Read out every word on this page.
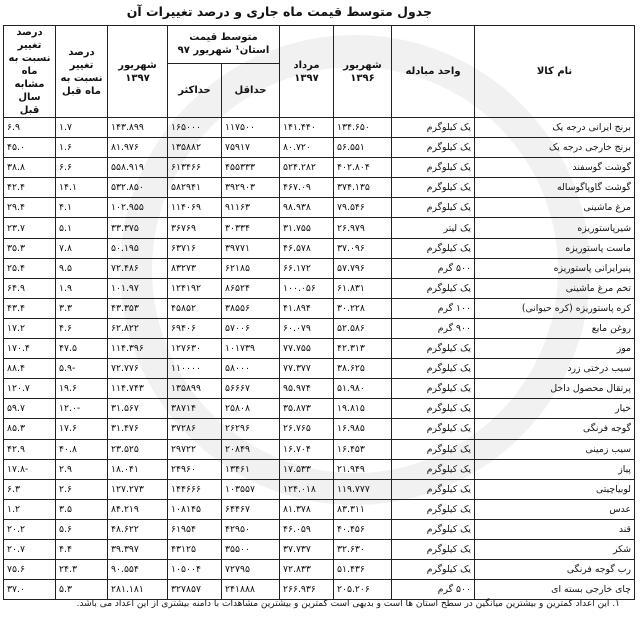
جدول متوسط قیمت ماه جاری و درصد تغییرات آن
نام کالا	واحد مبادله	شهریور ۱۳۹۶	مرداد ۱۳۹۷	متوسط قیمت استان¹ شهریور ۹۷		شهریور ۱۳۹۷	درصد تغییر نسبت به ماه قبل	درصد تغییر نسبت به ماه مشابه سال قبل
				حداقل	حداکثر			
برنج ایرانی درجه یک	یک کیلوگرم	۱۳۴.۶۵۰	۱۴۱.۴۴۰	۱۱۷۵۰۰	۱۶۵۰۰۰	۱۴۳.۸۹۹	۱.۷	۶.۹
برنج خارجی درجه یک	یک کیلوگرم	۵۶.۵۵۱	۸۰.۷۲۰	۷۵۹۱۷	۱۳۵۸۸۲	۸۱.۹۷۶	۱.۶	۴۵.۰
گوشت گوسفند	یک کیلوگرم	۴۰۲.۸۰۴	۵۲۴.۲۸۲	۴۵۵۳۳۳	۶۱۳۴۶۶	۵۵۸.۹۱۹	۶.۶	۳۸.۸
گوشت گاوپاگوساله	یک کیلوگرم	۳۷۴.۱۳۵	۴۶۷.۰۹	۳۹۲۹۰۳	۵۸۲۹۴۱	۵۳۲.۸۵۰	۱۴.۱	۴۲.۴
مرغ ماشینی	یک کیلوگرم	۷۹.۵۴۶	۹۸.۹۳۸	۹۱۱۶۳	۱۱۴۰۶۹	۱۰۲.۹۵۵	۴.۱	۲۹.۴
شیرپاستوریزه	یک لیتر	۲۶.۹۷۹	۳۱.۷۵۵	۳۰۳۳۴	۳۶۷۶۹	۳۳.۳۷۵	۵.۱	۲۳.۷
ماست پاستوریزه	یک کیلوگرم	۳۷.۰۹۶	۴۶.۵۷۸	۳۹۷۷۱	۶۳۷۱۶	۵۰.۱۹۵	۷.۸	۳۵.۳
پنیرایرانی پاستوریزه	۵۰۰ گرم	۵۷.۷۹۶	۶۶.۱۷۲	۶۲۱۸۵	۸۳۲۷۳	۷۲.۴۸۶	۹.۵	۲۵.۴
تخم مرغ ماشینی	یک کیلوگرم	۶۱.۸۳۱	۱۰۰.۰۵۶	۸۶۵۲۴	۱۲۴۱۹۲	۱۰۱.۹۷	۱.۹	۶۴.۹
کره پاستوریزه (کره حیوانی)	۱۰۰ گرم	۳۰.۲۲۸	۴۱.۸۹۴	۳۸۵۵۶	۴۵۸۵۲	۴۳.۳۵۳	۳.۳	۴۳.۴
روغن مایع	۹۰۰ گرم	۵۲.۵۸۶	۶۰.۰۷۹	۵۷۰۰۶	۶۹۴۰۶	۶۲.۸۲۲	۴.۶	۱۷.۲
موز	یک کیلوگرم	۴۲.۳۱۳	۷۷.۷۵۵	۱۰۱۷۳۹	۱۲۷۶۳۰	۱۱۴.۳۹۶	۴۷.۵	۱۷۰.۴
سیب درختی زرد	یک کیلوگرم	۳۸.۶۲۵	۷۷.۳۷۷	۵۸۰۰۰	۱۱۰۰۰۰	۷۲.۷۷۶	۵.۹-	۸۸.۴
پرتقال محصول داخل	یک کیلوگرم	۵۱.۹۸۰	۹۵.۹۷۴	۵۶۶۶۷	۱۳۵۸۹۹	۱۱۴.۷۴۳	۱۹.۶	۱۲۰.۷
خیار	یک کیلوگرم	۱۹.۸۱۵	۳۵.۸۷۳	۲۵۸۰۸	۳۸۷۱۴	۳۱.۵۶۷	۱۲.۰-	۵۹.۷
گوجه فرنگی	یک کیلوگرم	۱۶.۹۸۵	۲۶.۷۶۵	۲۶۲۹۶	۳۷۲۸۶	۳۱.۴۷۶	۱۷.۶	۸۵.۳
سیب زمینی	یک کیلوگرم	۱۶.۴۵۳	۱۶.۷۰۴	۲۰۸۴۹	۲۹۷۲۲	۲۳.۵۲۵	۴۰.۸	۴۲.۹
پیاز	یک کیلوگرم	۲۱.۹۴۹	۱۷.۵۳۳	۱۳۴۶۱	۲۴۹۶۰	۱۸.۰۴۱	۲.۹	۱۷.۸-
لوبیاچیتی	یک کیلوگرم	۱۱۹.۷۷۷	۱۲۴.۰۱۸	۱۰۳۵۵۷	۱۴۴۶۶۶	۱۲۷.۲۷۳	۲.۶	۶.۳
عدس	یک کیلوگرم	۸۳.۳۱۱	۸۱.۳۷۸	۶۴۴۶۷	۱۰۸۱۴۵	۸۴.۲۱۹	۳.۵	۱.۲
قند	یک کیلوگرم	۴۰.۴۵۶	۴۶.۰۵۹	۴۲۹۵۰	۶۱۹۵۴	۴۸.۶۲۲	۵.۶	۲۰.۲
شکر	یک کیلوگرم	۳۲.۶۳۰	۳۷.۷۳۷	۳۵۵۰۰	۴۳۱۲۵	۳۹.۳۹۷	۴.۴	۲۰.۷
رب گوجه فرنگی	یک کیلوگرم	۵۱.۴۳۶	۷۲.۸۳۳	۷۲۷۹۵	۱۰۵۰۰۴	۹۰.۵۵۴	۲۴.۳	۷۵.۶
چای خارجی بسته ای	۵۰۰ گرم	۲۰۵.۲۰۶	۲۶۶.۹۳۶	۲۴۱۸۸۸	۳۲۷۸۵۷	۲۸۱.۱۸۱	۵.۳	۳۷.۰
۱. این اعداد کمترین و بیشترین میانگین در سطح استان ها است و بدیهی است کمترین و بیشترین مشاهدات با دامنه بیشتری از این اعداد می باشد.
